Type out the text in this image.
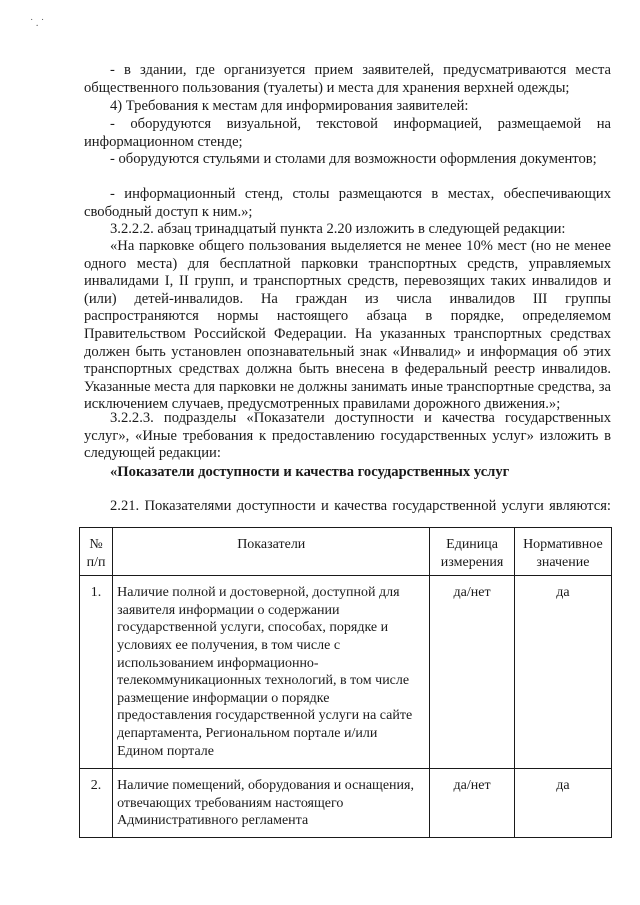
˙ . ˙

- в здании, где организуется прием заявителей, предусматриваются места общественного пользования (туалеты) и места для хранения верхней одежды;

4) Требования к местам для информирования заявителей:

- оборудуются визуальной, текстовой информацией, размещаемой на информационном стенде;

- оборудуются стульями и столами для возможности оформления документов;

- информационный стенд, столы размещаются в местах, обеспечивающих свободный доступ к ним.»;

3.2.2.2. абзац тринадцатый пункта 2.20 изложить в следующей редакции:

«На парковке общего пользования выделяется не менее 10% мест (но не менее одного места) для бесплатной парковки транспортных средств, управляемых инвалидами I, II групп, и транспортных средств, перевозящих таких инвалидов и (или) детей-инвалидов. На граждан из числа инвалидов III группы распространяются нормы настоящего абзаца в порядке, определяемом Правительством Российской Федерации. На указанных транспортных средствах должен быть установлен опознавательный знак «Инвалид» и информация об этих транспортных средствах должна быть внесена в федеральный реестр инвалидов. Указанные места для парковки не должны занимать иные транспортные средства, за исключением случаев, предусмотренных правилами дорожного движения.»;

3.2.2.3. подразделы «Показатели доступности и качества государственных услуг», «Иные требования к предоставлению государственных услуг» изложить в следующей редакции:

«Показатели доступности и качества государственных услуг

2.21. Показателями доступности и качества государственной услуги являются:

№ п/п	Показатели	Единица измерения	Нормативное значение
1.	Наличие полной и достоверной, доступной для заявителя информации о содержании государственной услуги, способах, порядке и условиях ее получения, в том числе с использованием информационно-телекоммуникационных технологий, в том числе размещение информации о порядке предоставления государственной услуги на сайте департамента, Региональном портале и/или Едином портале	да/нет	да
2.	Наличие помещений, оборудования и оснащения, отвечающих требованиям настоящего Административного регламента	да/нет	да
